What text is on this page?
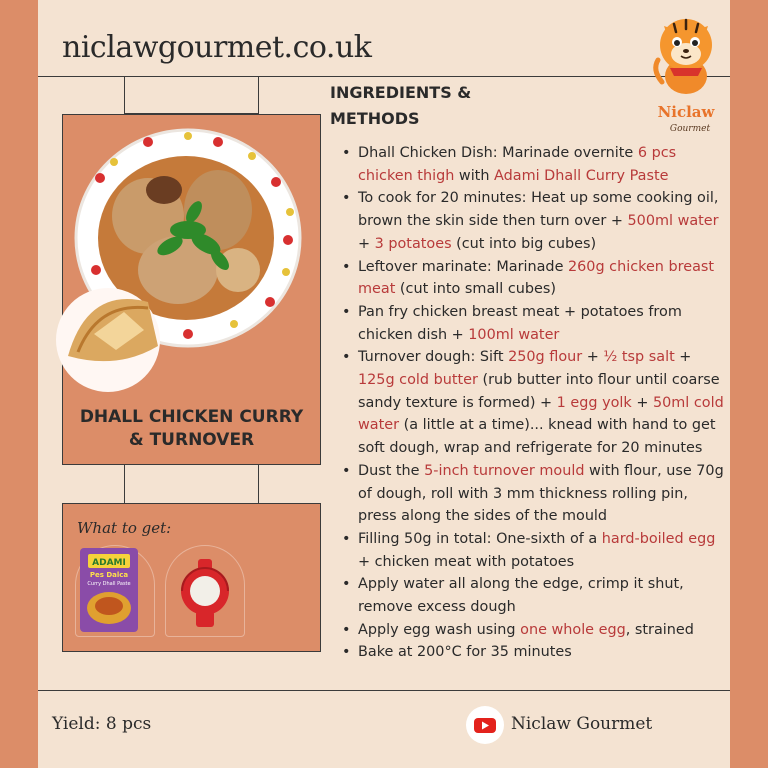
niclawgourmet.co.uk
Niclaw
Gourmet
INGREDIENTS &
METHODS
DHALL CHICKEN CURRY
& TURNOVER
What to get:
ADAMI
Pes Dalca
Curry Dhall Paste
• Dhall Chicken Dish: Marinade overnite 6 pcs chicken thigh with Adami Dhall Curry Paste
• To cook for 20 minutes: Heat up some cooking oil, brown the skin side then turn over + 500ml water + 3 potatoes (cut into big cubes)
• Leftover marinate: Marinade 260g chicken breast meat (cut into small cubes)
• Pan fry chicken breast meat + potatoes from chicken dish + 100ml water
• Turnover dough: Sift 250g flour + ½ tsp salt + 125g cold butter (rub butter into flour until coarse sandy texture is formed) + 1 egg yolk + 50ml cold water (a little at a time)... knead with hand to get soft dough, wrap and refrigerate for 20 minutes
• Dust the 5-inch turnover mould with flour, use 70g of dough, roll with 3 mm thickness rolling pin, press along the sides of the mould
• Filling 50g in total: One-sixth of a hard-boiled egg + chicken meat with potatoes
• Apply water all along the edge, crimp it shut, remove excess dough
• Apply egg wash using one whole egg, strained
• Bake at 200°C for 35 minutes
Yield: 8 pcs	Niclaw Gourmet
